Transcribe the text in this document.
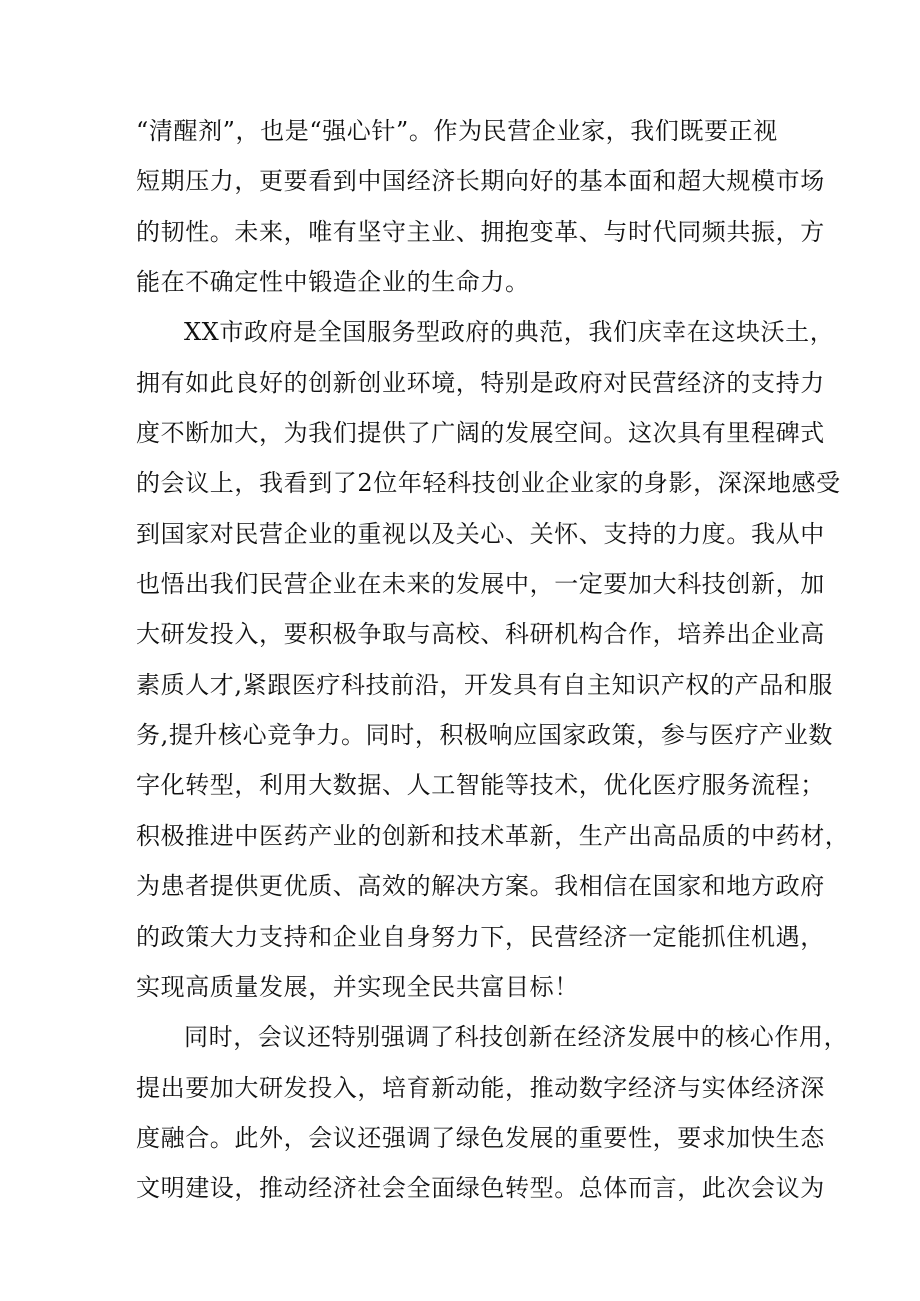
“清醒剂”，也是“强心针”。作为民营企业家，我们既要正视
短期压力，更要看到中国经济长期向好的基本面和超大规模市场
的韧性。未来，唯有坚守主业、拥抱变革、与时代同频共振，方
能在不确定性中锻造企业的生命力。
XX市政府是全国服务型政府的典范，我们庆幸在这块沃土，
拥有如此良好的创新创业环境，特别是政府对民营经济的支持力
度不断加大，为我们提供了广阔的发展空间。这次具有里程碑式
的会议上，我看到了2位年轻科技创业企业家的身影，深深地感受
到国家对民营企业的重视以及关心、关怀、支持的力度。我从中
也悟出我们民营企业在未来的发展中，一定要加大科技创新，加
大研发投入，要积极争取与高校、科研机构合作，培养出企业高
素质人才,紧跟医疗科技前沿，开发具有自主知识产权的产品和服
务,提升核心竞争力。同时，积极响应国家政策，参与医疗产业数
字化转型，利用大数据、人工智能等技术，优化医疗服务流程；
积极推进中医药产业的创新和技术革新，生产出高品质的中药材，
为患者提供更优质、高效的解决方案。我相信在国家和地方政府
的政策大力支持和企业自身努力下，民营经济一定能抓住机遇，
实现高质量发展，并实现全民共富目标！
同时，会议还特别强调了科技创新在经济发展中的核心作用，
提出要加大研发投入，培育新动能，推动数字经济与实体经济深
度融合。此外，会议还强调了绿色发展的重要性，要求加快生态
文明建设，推动经济社会全面绿色转型。总体而言，此次会议为
